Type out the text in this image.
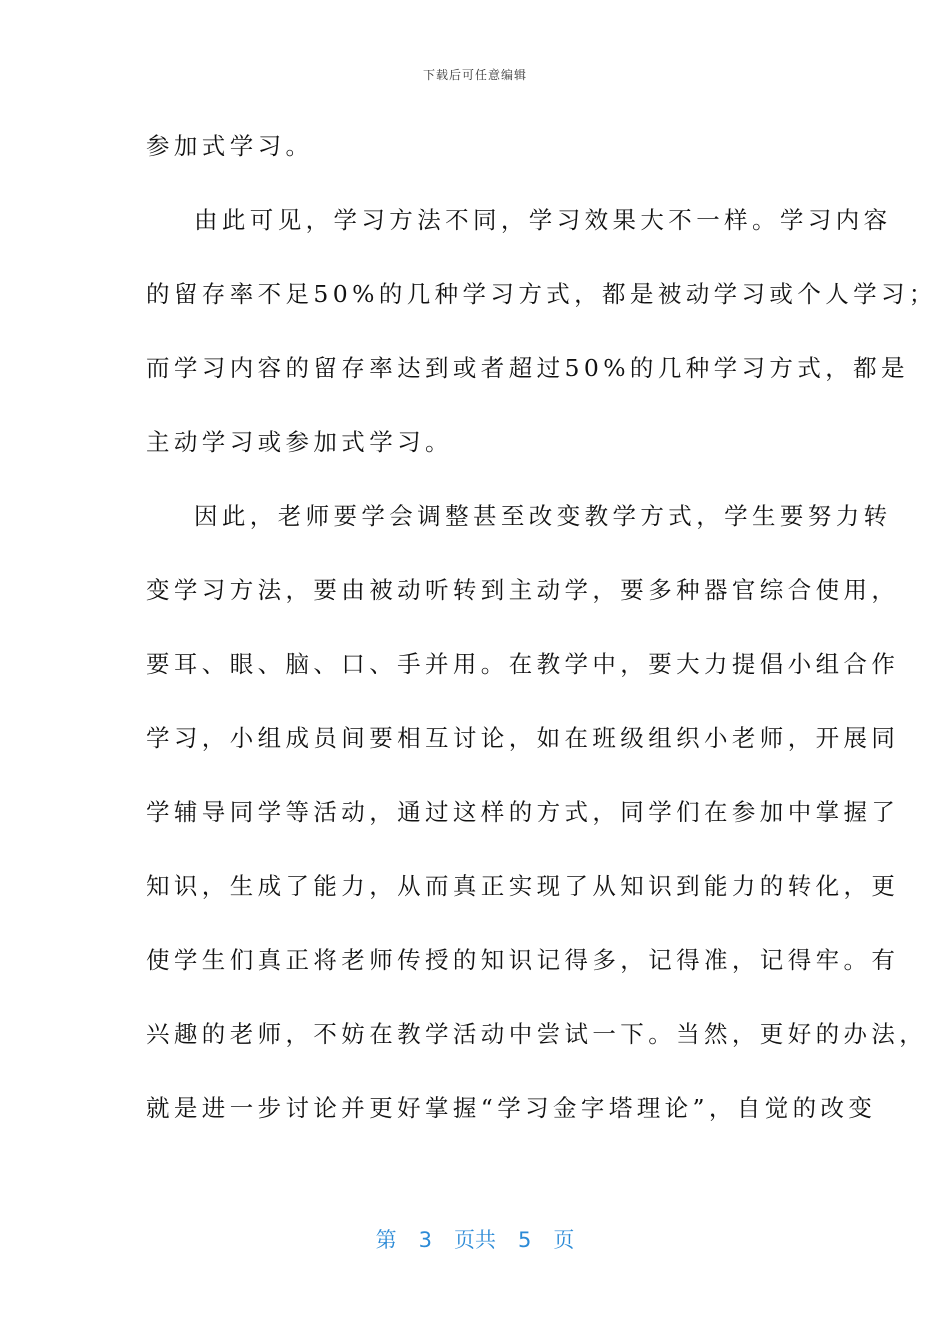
下载后可任意编辑
参加式学习。
由此可见，学习方法不同，学习效果大不一样。学习内容
的留存率不足50%的几种学习方式，都是被动学习或个人学习；
而学习内容的留存率达到或者超过50%的几种学习方式，都是
主动学习或参加式学习。
因此，老师要学会调整甚至改变教学方式，学生要努力转
变学习方法，要由被动听转到主动学，要多种器官综合使用，
要耳、眼、脑、口、手并用。在教学中，要大力提倡小组合作
学习，小组成员间要相互讨论，如在班级组织小老师，开展同
学辅导同学等活动，通过这样的方式，同学们在参加中掌握了
知识，生成了能力，从而真正实现了从知识到能力的转化，更
使学生们真正将老师传授的知识记得多，记得准，记得牢。有
兴趣的老师，不妨在教学活动中尝试一下。当然，更好的办法，
就是进一步讨论并更好掌握“学习金字塔理论”，自觉的改变
第 3 页共 5 页
